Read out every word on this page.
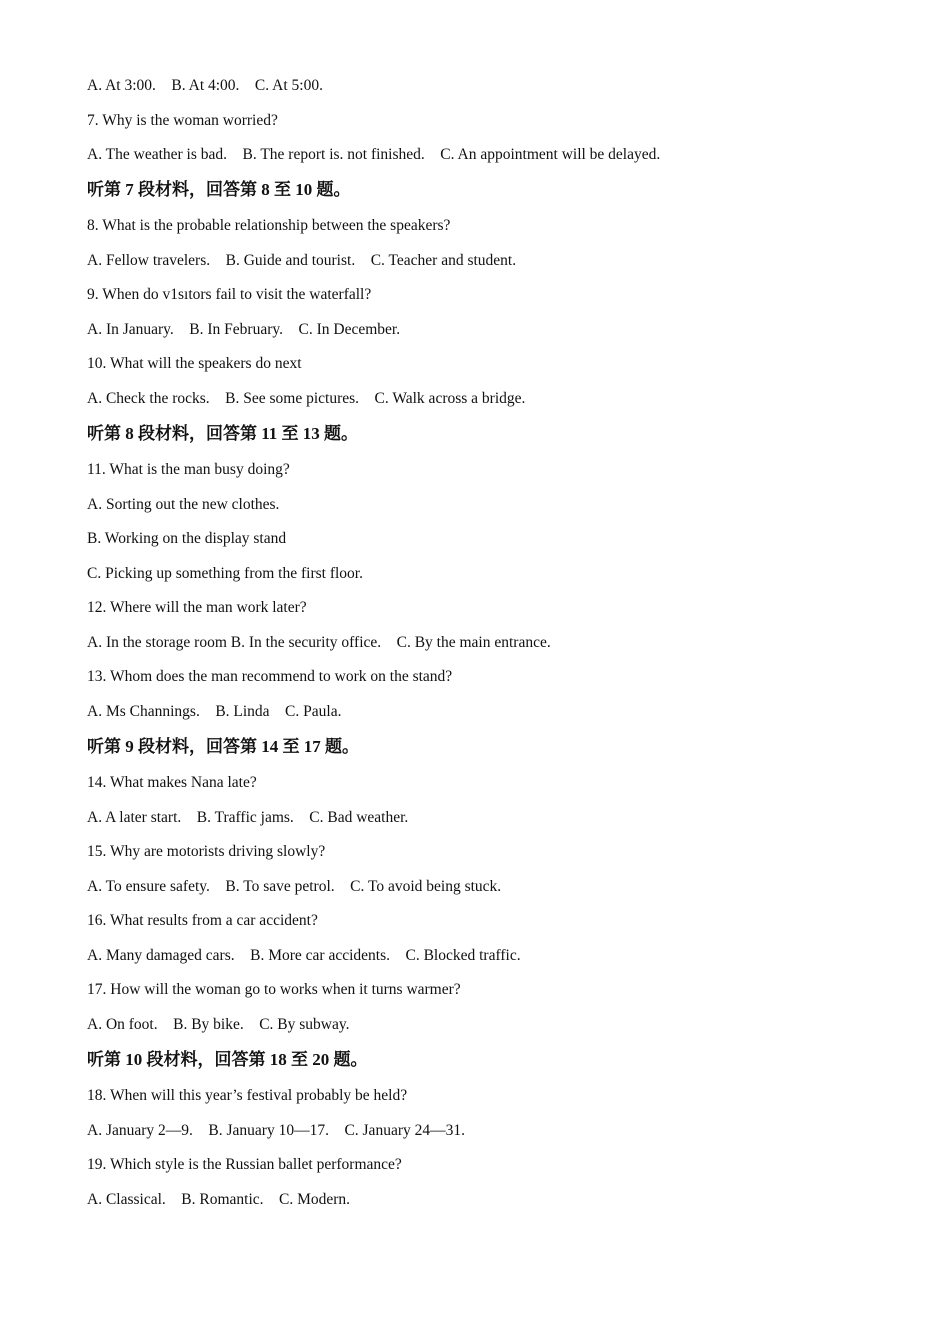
A. At 3:00.    B. At 4:00.    C. At 5:00.
7. Why is the woman worried?
A. The weather is bad.    B. The report is. not finished.    C. An appointment will be delayed.
听第 7 段材料，回答第 8 至 10 题。
8. What is the probable relationship between the speakers?
A. Fellow travelers.    B. Guide and tourist.    C. Teacher and student.
9. When do v1sıtors fail to visit the waterfall?
A. In January.    B. In February.    C. In December.
10. What will the speakers do next
A. Check the rocks.    B. See some pictures.    C. Walk across a bridge.
听第 8 段材料，回答第 11 至 13 题。
11. What is the man busy doing?
A. Sorting out the new clothes.
B. Working on the display stand
C. Picking up something from the first floor.
12. Where will the man work later?
A. In the storage room B. In the security office.    C. By the main entrance.
13. Whom does the man recommend to work on the stand?
A. Ms Channings.    B. Linda    C. Paula.
听第 9 段材料，回答第 14 至 17 题。
14. What makes Nana late?
A. A later start.    B. Traffic jams.    C. Bad weather.
15. Why are motorists driving slowly?
A. To ensure safety.    B. To save petrol.    C. To avoid being stuck.
16. What results from a car accident?
A. Many damaged cars.    B. More car accidents.    C. Blocked traffic.
17. How will the woman go to works when it turns warmer?
A. On foot.    B. By bike.    C. By subway.
听第 10 段材料，回答第 18 至 20 题。
18. When will this year’s festival probably be held?
A. January 2—9.    B. January 10—17.    C. January 24—31.
19. Which style is the Russian ballet performance?
A. Classical.    B. Romantic.    C. Modern.
